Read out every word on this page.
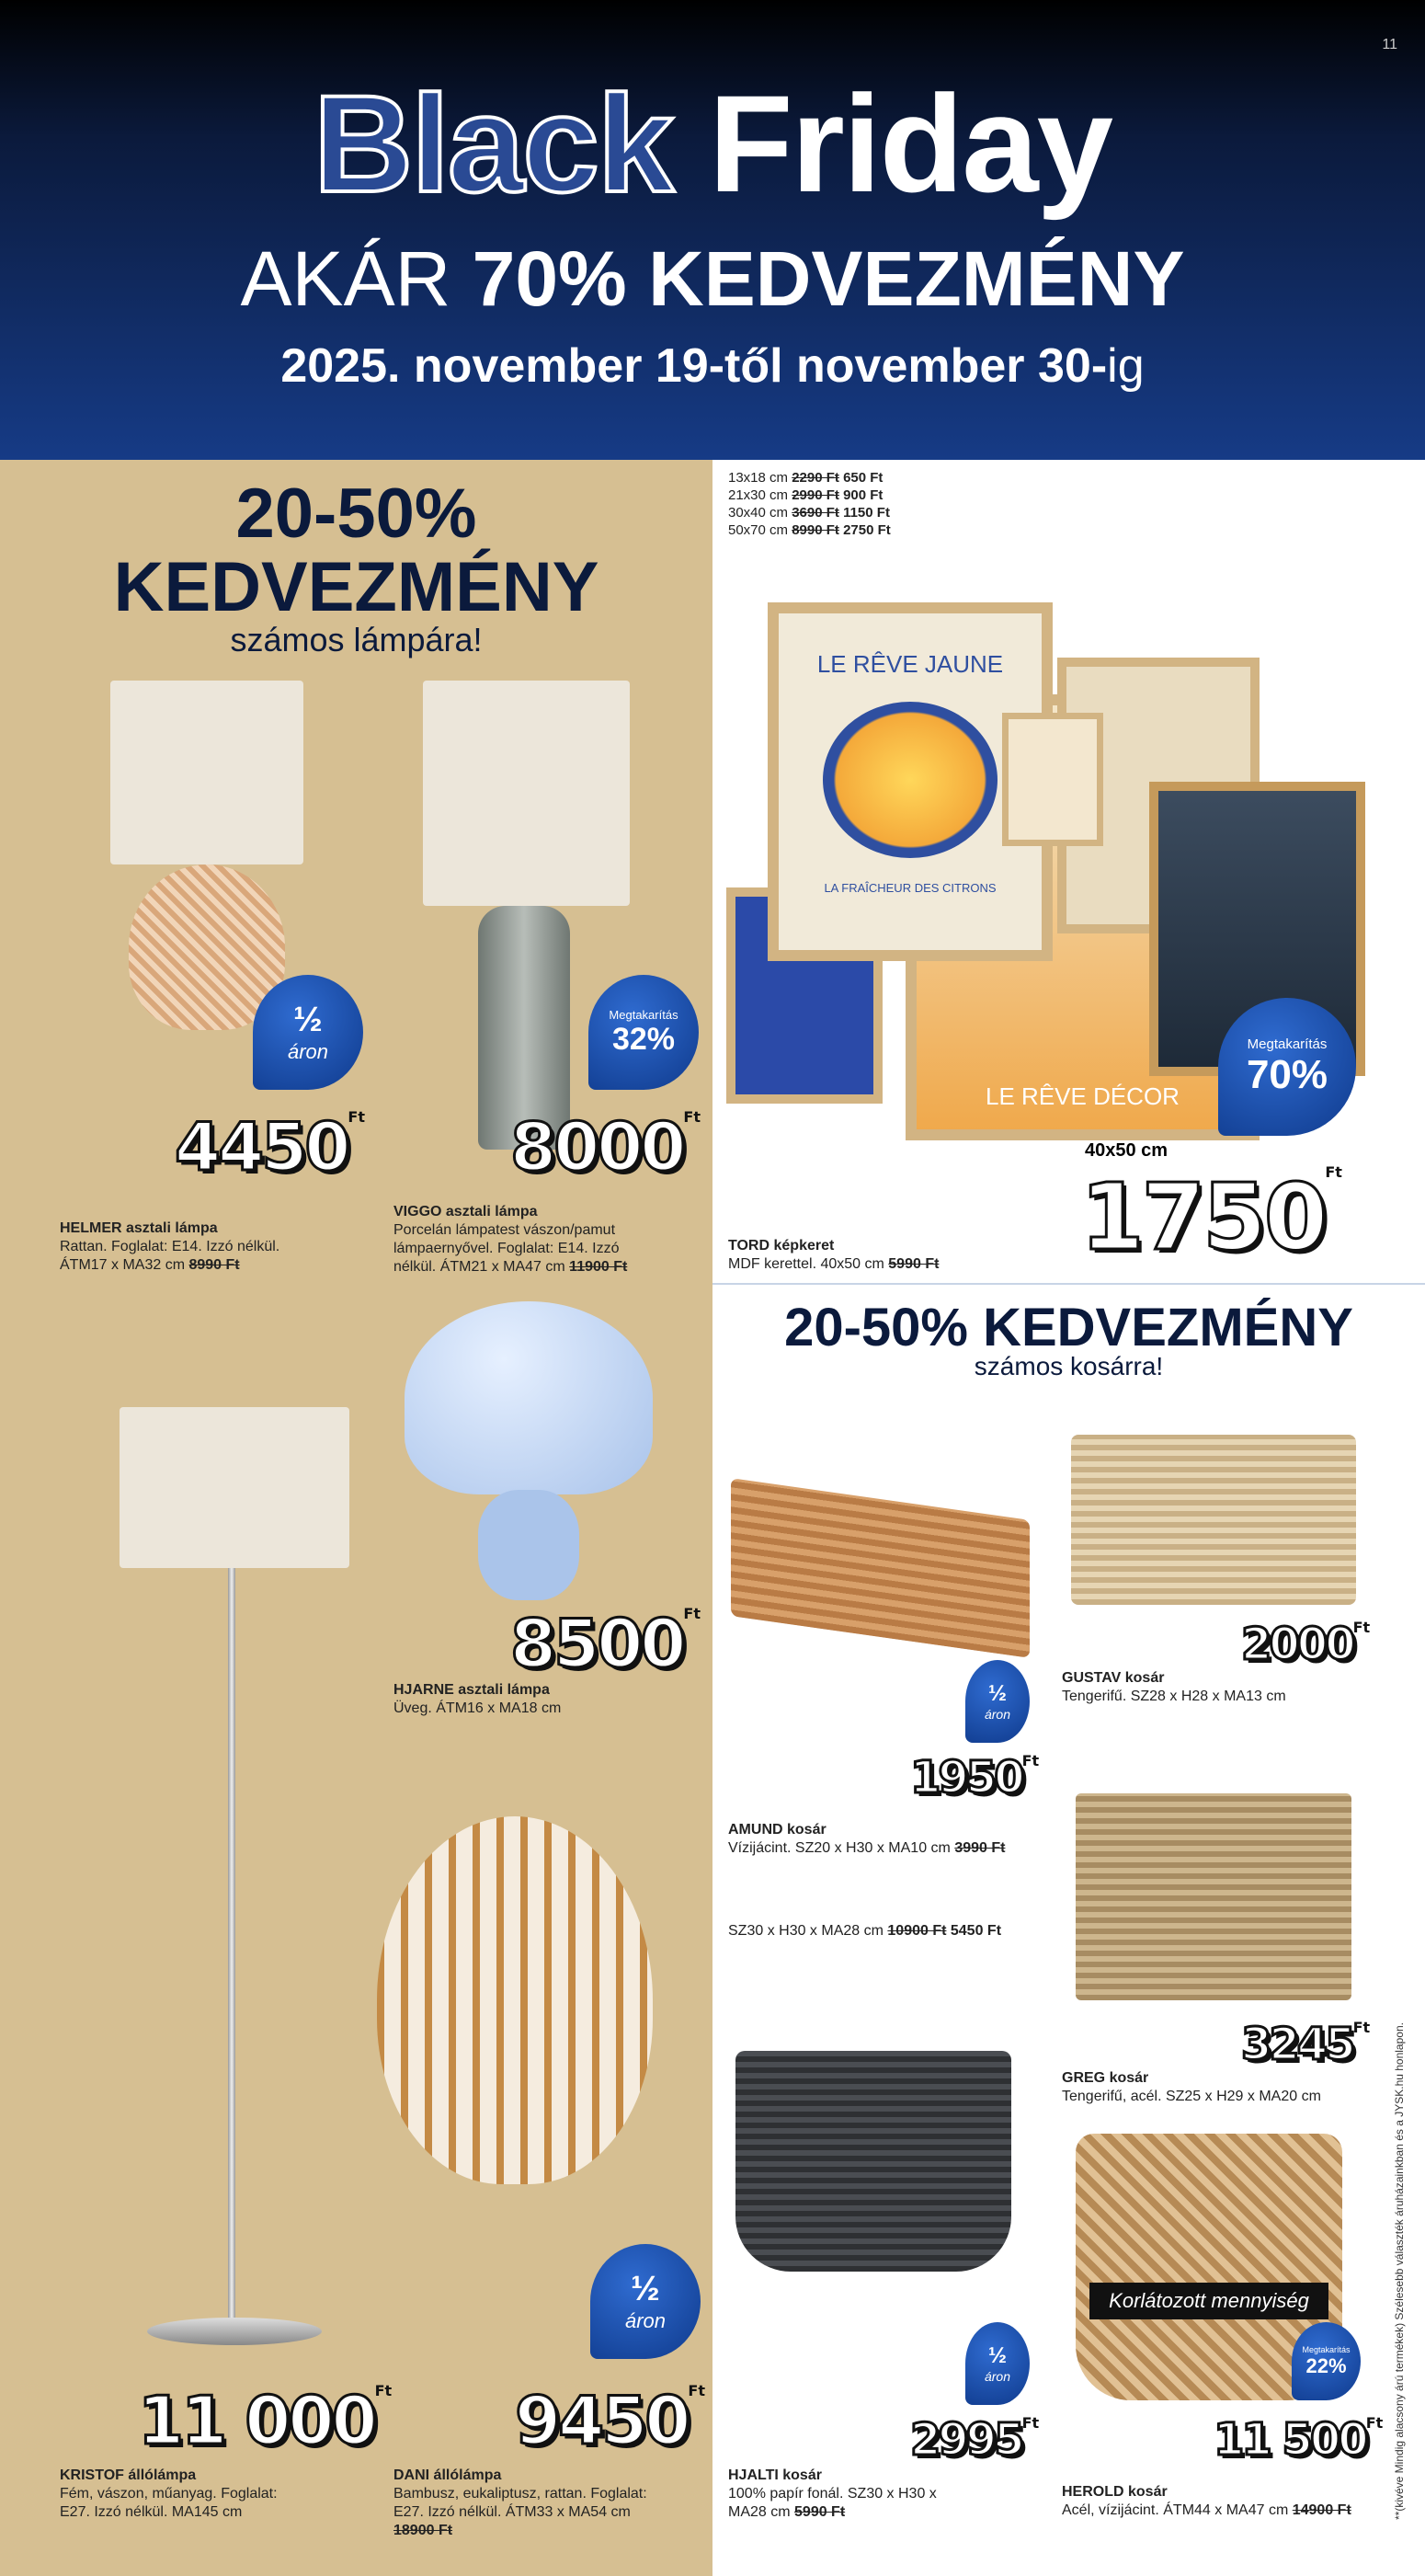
11
Black Friday
AKÁR 70% KEDVEZMÉNY
2025. november 19-től november 30-ig
20-50%
KEDVEZMÉNY
számos lámpára!
½
áron
$4450^{Ft}$
HELMER asztali lámpa
Rattan. Foglalat: E14. Izzó nélkül. ÁTM17 x MA32 cm 8990 Ft
Megtakarítás
32%
$8000^{Ft}$
VIGGO asztali lámpa
Porcelán lámpatest vászon/pamut lámpaernyővel. Foglalat: E14. Izzó nélkül. ÁTM21 x MA47 cm 11900 Ft
$8500^{Ft}$
HJARNE asztali lámpa
Üveg. ÁTM16 x MA18 cm
11 $000^{Ft}$
KRISTOF állólámpa
Fém, vászon, műanyag. Foglalat: E27. Izzó nélkül. MA145 cm
½
áron
$9450^{Ft}$
DANI állólámpa
Bambusz, eukaliptusz, rattan. Foglalat: E27. Izzó nélkül. ÁTM33 x MA54 cm 18900 Ft
13x18 cm 2290 Ft 650 Ft
21x30 cm 2990 Ft 900 Ft
30x40 cm 3690 Ft 1150 Ft
50x70 cm 8990 Ft 2750 Ft
LE RÊVE DÉCOR
LE RÊVE JAUNE
LA FRAÎCHEUR DES CITRONS
Megtakarítás
70%
40x50 cm
$1750^{Ft}$
TORD képkeret
MDF kerettel. 40x50 cm 5990 Ft
20-50% KEDVEZMÉNY
számos kosárra!
½
áron
$1950^{Ft}$
AMUND kosár
Vízijácint. SZ20 x H30 x MA10 cm 3990 Ft
SZ30 x H30 x MA28 cm 10900 Ft 5450 Ft
$2000^{Ft}$
GUSTAV kosár
Tengerifű. SZ28 x H28 x MA13 cm
$3245^{Ft}$
GREG kosár
Tengerifű, acél. SZ25 x H29 x MA20 cm
½
áron
$2995^{Ft}$
HJALTI kosár
100% papír fonál. SZ30 x H30 x MA28 cm 5990 Ft
Korlátozott mennyiség
Megtakarítás
22%
11 $500^{Ft}$
HEROLD kosár
Acél, vízijácint. ÁTM44 x MA47 cm 14900 Ft	**(kivéve Mindig alacsony árú termékek) Szélesebb választék áruházainkban és a JYSK.hu honlapon.
